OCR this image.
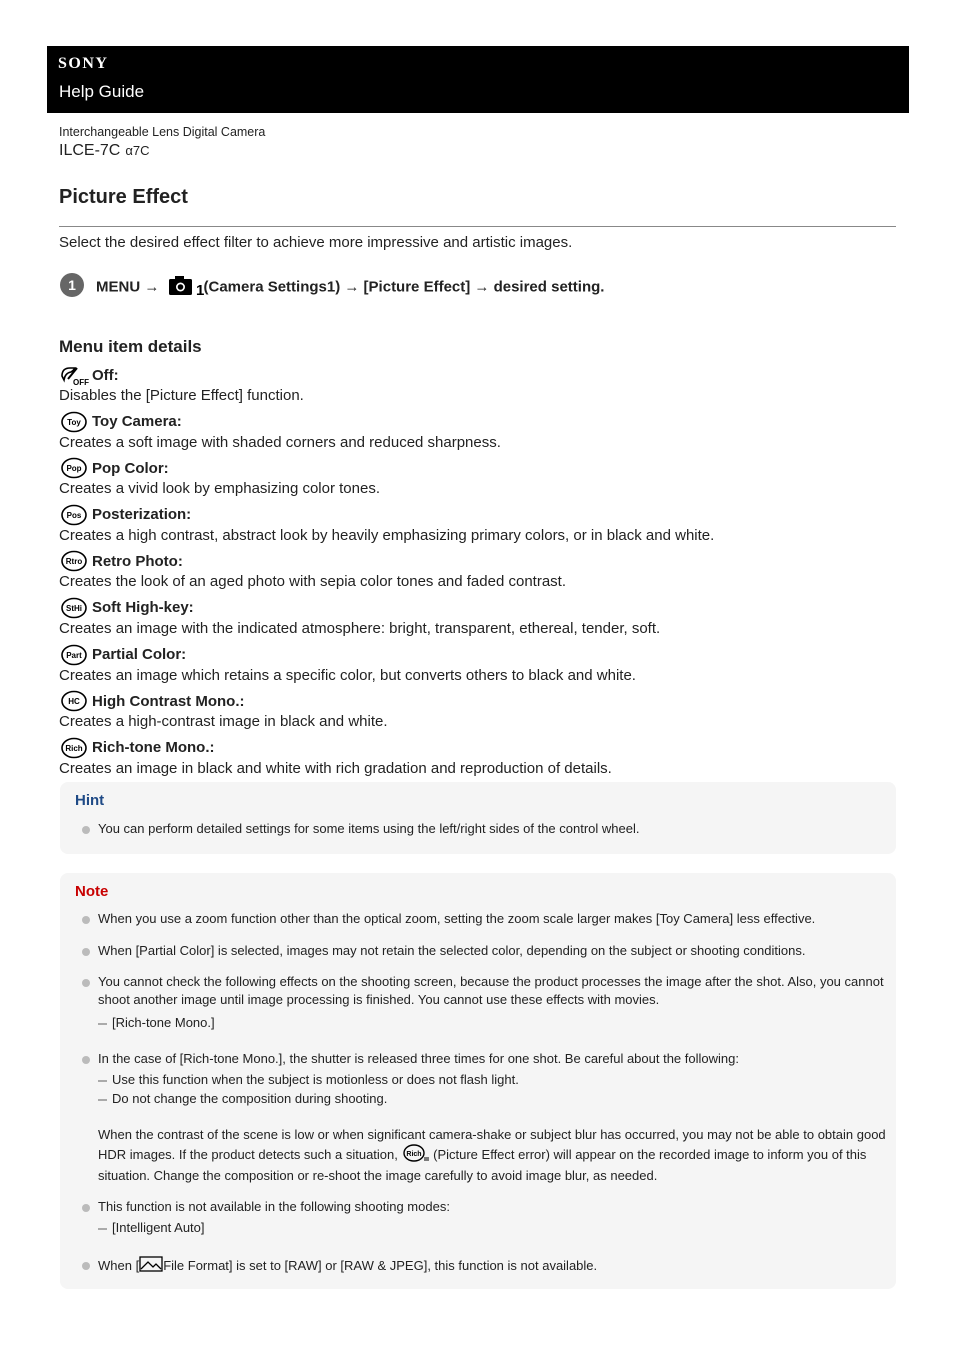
SONY
Help Guide
Interchangeable Lens Digital Camera
ILCE-7C α7C
Picture Effect
Select the desired effect filter to achieve more impressive and artistic images.
1	MENU → 1 (Camera Settings1) → [Picture Effect] → desired setting.
Menu item details
OFF Off:
Disables the [Picture Effect] function.
Toy Toy Camera:
Creates a soft image with shaded corners and reduced sharpness.
Pop Pop Color:
Creates a vivid look by emphasizing color tones.
Pos Posterization:
Creates a high contrast, abstract look by heavily emphasizing primary colors, or in black and white.
Rtro Retro Photo:
Creates the look of an aged photo with sepia color tones and faded contrast.
StHi Soft High-key:
Creates an image with the indicated atmosphere: bright, transparent, ethereal, tender, soft.
Part Partial Color:
Creates an image which retains a specific color, but converts others to black and white.
HC High Contrast Mono.:
Creates a high-contrast image in black and white.
Rich Rich-tone Mono.:
Creates an image in black and white with rich gradation and reproduction of details.
Hint
You can perform detailed settings for some items using the left/right sides of the control wheel.
Note
When you use a zoom function other than the optical zoom, setting the zoom scale larger makes [Toy Camera] less effective.
When [Partial Color] is selected, images may not retain the selected color, depending on the subject or shooting conditions.
You cannot check the following effects on the shooting screen, because the product processes the image after the shot. Also, you cannot shoot another image until image processing is finished. You cannot use these effects with movies.
[Rich-tone Mono.]
In the case of [Rich-tone Mono.], the shutter is released three times for one shot. Be careful about the following:
Use this function when the subject is motionless or does not flash light.
Do not change the composition during shooting.
When the contrast of the scene is low or when significant camera-shake or subject blur has occurred, you may not be able to obtain good HDR images. If the product detects such a situation, Rich (Picture Effect error) will appear on the recorded image to inform you of this situation. Change the composition or re-shoot the image carefully to avoid image blur, as needed.
This function is not available in the following shooting modes:
[Intelligent Auto]
When [ File Format] is set to [RAW] or [RAW & JPEG], this function is not available.
